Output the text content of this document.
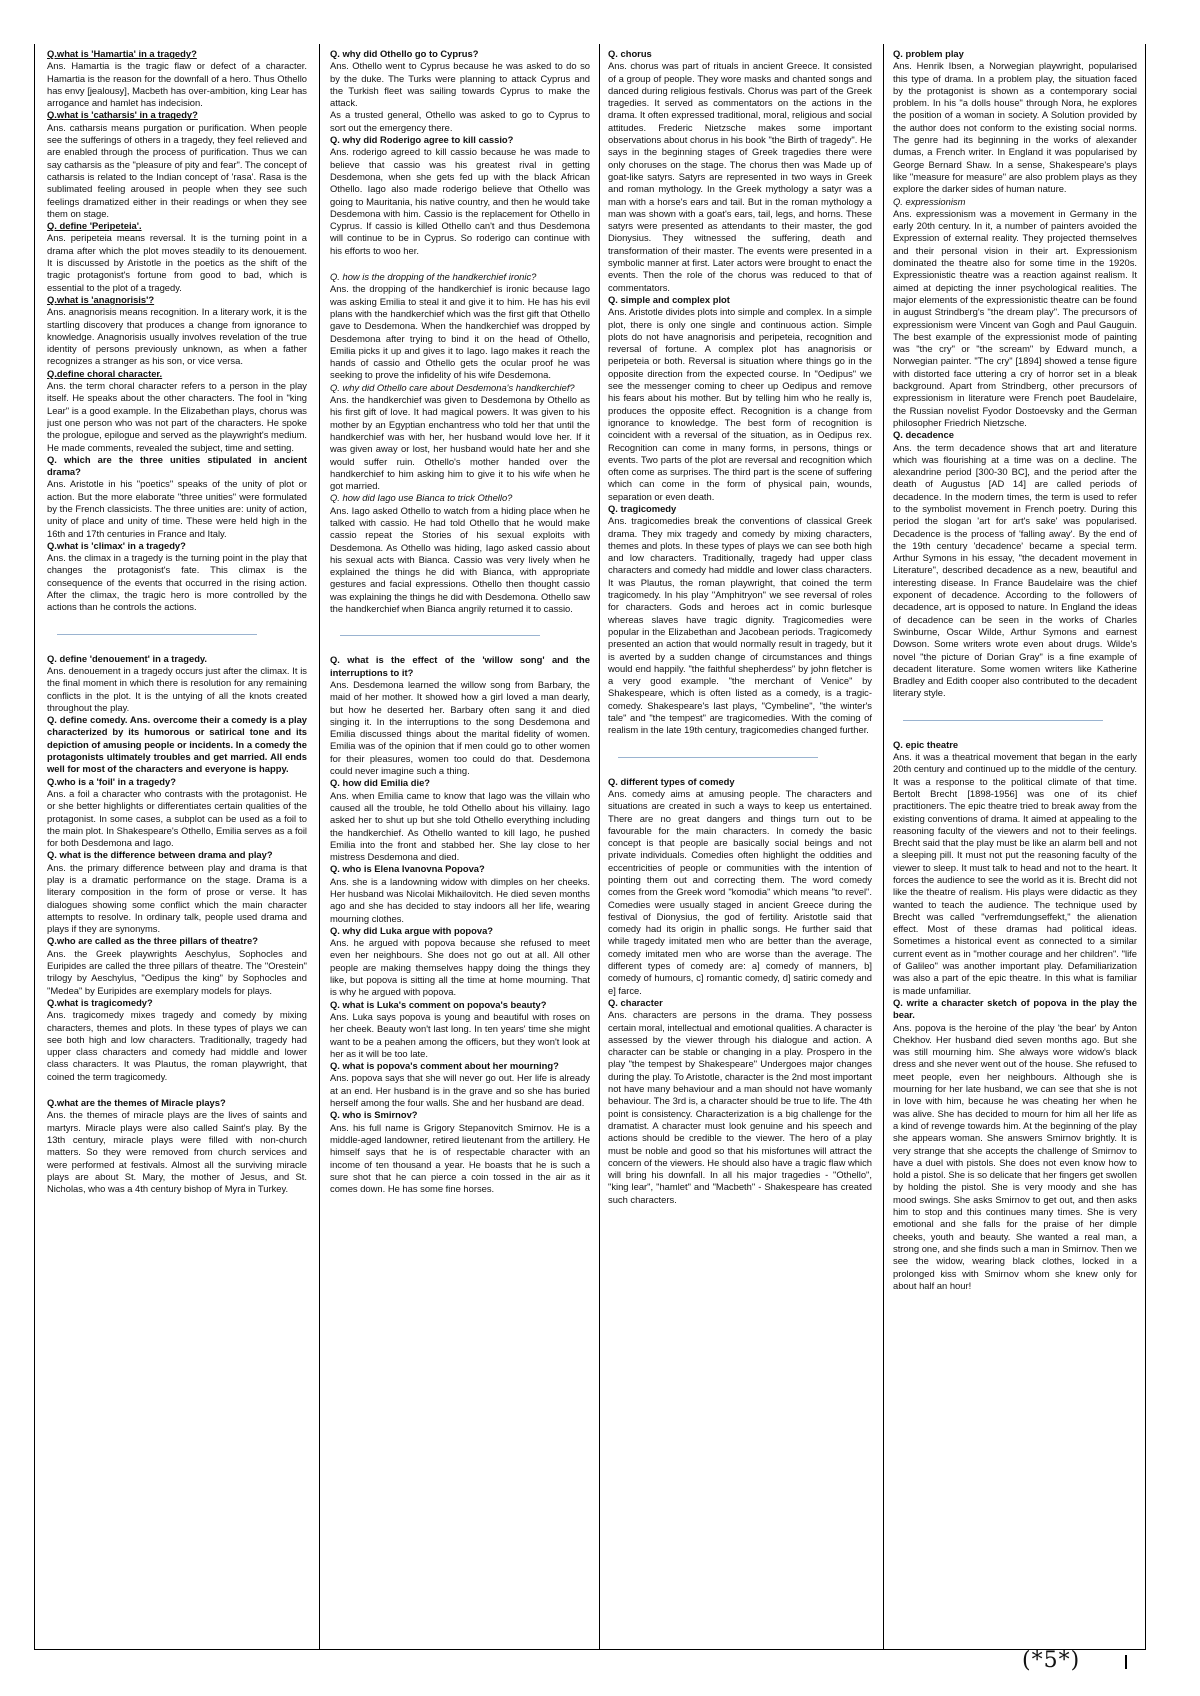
Q.what is 'Hamartia' in a tragedy?

Ans. Hamartia is the tragic flaw or defect of a character. Hamartia is the reason for the downfall of a hero. Thus Othello has envy [jealousy], Macbeth has over-ambition, king Lear has arrogance and hamlet has indecision.

Q.what is 'catharsis' in a tragedy?

Ans. catharsis means purgation or purification. When people see the sufferings of others in a tragedy, they feel relieved and are enabled through the process of purification. Thus we can say catharsis as the "pleasure of pity and fear". The concept of catharsis is related to the Indian concept of 'rasa'. Rasa is the sublimated feeling aroused in people when they see such feelings dramatized either in their readings or when they see them on stage.

Q. define 'Peripeteia'.

Ans. peripeteia means reversal. It is the turning point in a drama after which the plot moves steadily to its denouement. It is discussed by Aristotle in the poetics as the shift of the tragic protagonist's fortune from good to bad, which is essential to the plot of a tragedy.

Q.what is 'anagnorisis'?

Ans. anagnorisis means recognition. In a literary work, it is the startling discovery that produces a change from ignorance to knowledge. Anagnorisis usually involves revelation of the true identity of persons previously unknown, as when a father recognizes a stranger as his son, or vice versa.

Q.define choral character.

Ans. the term choral character refers to a person in the play itself. He speaks about the other characters. The fool in "king Lear" is a good example. In the Elizabethan plays, chorus was just one person who was not part of the characters. He spoke the prologue, epilogue and served as the playwright's medium. He made comments, revealed the subject, time and setting.

Q. which are the three unities stipulated in ancient drama?

Ans. Aristotle in his "poetics" speaks of the unity of plot or action. But the more elaborate "three unities" were formulated by the French classicists. The three unities are: unity of action, unity of place and unity of time. These were held high in the 16th and 17th centuries in France and Italy.

Q.what is 'climax' in a tragedy?

Ans. the climax in a tragedy is the turning point in the play that changes the protagonist's fate. This climax is the consequence of the events that occurred in the rising action. After the climax, the tragic hero is more controlled by the actions than he controls the actions.

Q. define 'denouement' in a tragedy.

Ans. denouement in a tragedy occurs just after the climax. It is the final moment in which there is resolution for any remaining conflicts in the plot. It is the untying of all the knots created throughout the play.

Q. define comedy. Ans. overcome their a comedy is a play characterized by its humorous or satirical tone and its depiction of amusing people or incidents. In a comedy the protagonists ultimately troubles and get married. All ends well for most of the characters and everyone is happy.

Q.who is a 'foil' in a tragedy?

Ans. a foil a character who contrasts with the protagonist. He or she better highlights or differentiates certain qualities of the protagonist. In some cases, a subplot can be used as a foil to the main plot. In Shakespeare's Othello, Emilia serves as a foil for both Desdemona and Iago.

Q. what is the difference between drama and play?

Ans. the primary difference between play and drama is that play is a dramatic performance on the stage. Drama is a literary composition in the form of prose or verse. It has dialogues showing some conflict which the main character attempts to resolve. In ordinary talk, people used drama and plays if they are synonyms.

Q.who are called as the three pillars of theatre?

Ans. the Greek playwrights Aeschylus, Sophocles and Euripides are called the three pillars of theatre. The "Orestein" trilogy by Aeschylus, "Oedipus the king" by Sophocles and "Medea" by Euripides are exemplary models for plays.

Q.what is tragicomedy?

Ans. tragicomedy mixes tragedy and comedy by mixing characters, themes and plots. In these types of plays we can see both high and low characters. Traditionally, tragedy had upper class characters and comedy had middle and lower class characters. It was Plautus, the roman playwright, that coined the term tragicomedy.

Q.what are the themes of Miracle plays?

Ans. the themes of miracle plays are the lives of saints and martyrs. Miracle plays were also called Saint's play. By the 13th century, miracle plays were filled with non-church matters. So they were removed from church services and were performed at festivals. Almost all the surviving miracle plays are about St. Mary, the mother of Jesus, and St. Nicholas, who was a 4th century bishop of Myra in Turkey.

Q. why did Othello go to Cyprus?

Ans. Othello went to Cyprus because he was asked to do so by the duke. The Turks were planning to attack Cyprus and the Turkish fleet was sailing towards Cyprus to make the attack.

As a trusted general, Othello was asked to go to Cyprus to sort out the emergency there.

Q. why did Roderigo agree to kill cassio?

Ans. roderigo agreed to kill cassio because he was made to believe that cassio was his greatest rival in getting Desdemona, when she gets fed up with the black African Othello. Iago also made roderigo believe that Othello was going to Mauritania, his native country, and then he would take Desdemona with him. Cassio is the replacement for Othello in Cyprus. If cassio is killed Othello can't and thus Desdemona will continue to be in Cyprus. So roderigo can continue with his efforts to woo her.

Q. how is the dropping of the handkerchief ironic?

Ans. the dropping of the handkerchief is ironic because Iago was asking Emilia to steal it and give it to him. He has his evil plans with the handkerchief which was the first gift that Othello gave to Desdemona. When the handkerchief was dropped by Desdemona after trying to bind it on the head of Othello, Emilia picks it up and gives it to Iago. Iago makes it reach the hands of cassio and Othello gets the ocular proof he was seeking to prove the infidelity of his wife Desdemona.

Q. why did Othello care about Desdemona's handkerchief?

Ans. the handkerchief was given to Desdemona by Othello as his first gift of love. It had magical powers. It was given to his mother by an Egyptian enchantress who told her that until the handkerchief was with her, her husband would love her. If it was given away or lost, her husband would hate her and she would suffer ruin. Othello's mother handed over the handkerchief to him asking him to give it to his wife when he got married.

Q. how did Iago use Bianca to trick Othello?

Ans. Iago asked Othello to watch from a hiding place when he talked with cassio. He had told Othello that he would make cassio repeat the Stories of his sexual exploits with Desdemona. As Othello was hiding, Iago asked cassio about his sexual acts with Bianca. Cassio was very lively when he explained the things he did with Bianca, with appropriate gestures and facial expressions. Othello then thought cassio was explaining the things he did with Desdemona. Othello saw the handkerchief when Bianca angrily returned it to cassio.

Q. what is the effect of the 'willow song' and the interruptions to it?

Ans. Desdemona learned the willow song from Barbary, the maid of her mother. It showed how a girl loved a man dearly, but how he deserted her. Barbary often sang it and died singing it. In the interruptions to the song Desdemona and Emilia discussed things about the marital fidelity of women. Emilia was of the opinion that if men could go to other women for their pleasures, women too could do that. Desdemona could never imagine such a thing.

Q. how did Emilia die?

Ans. when Emilia came to know that Iago was the villain who caused all the trouble, he told Othello about his villainy. Iago asked her to shut up but she told Othello everything including the handkerchief. As Othello wanted to kill Iago, he pushed Emilia into the front and stabbed her. She lay close to her mistress Desdemona and died.

Q. who is Elena Ivanovna Popova?

Ans. she is a landowning widow with dimples on her cheeks. Her husband was Nicolai Mikhailovitch. He died seven months ago and she has decided to stay indoors all her life, wearing mourning clothes.

Q. why did Luka argue with popova?

Ans. he argued with popova because she refused to meet even her neighbours. She does not go out at all. All other people are making themselves happy doing the things they like, but popova is sitting all the time at home mourning. That is why he argued with popova.

Q. what is Luka's comment on popova's beauty?

Ans. Luka says popova is young and beautiful with roses on her cheek. Beauty won't last long. In ten years' time she might want to be a peahen among the officers, but they won't look at her as it will be too late.

Q. what is popova's comment about her mourning?

Ans. popova says that she will never go out. Her life is already at an end. Her husband is in the grave and so she has buried herself among the four walls. She and her husband are dead.

Q. who is Smirnov?

Ans. his full name is Grigory Stepanovitch Smirnov. He is a middle-aged landowner, retired lieutenant from the artillery. He himself says that he is of respectable character with an income of ten thousand a year. He boasts that he is such a sure shot that he can pierce a coin tossed in the air as it comes down. He has some fine horses.

Q. chorus

Ans. chorus was part of rituals in ancient Greece. It consisted of a group of people. They wore masks and chanted songs and danced during religious festivals. Chorus was part of the Greek tragedies. It served as commentators on the actions in the drama. It often expressed traditional, moral, religious and social attitudes. Frederic Nietzsche makes some important observations about chorus in his book "the Birth of tragedy". He says in the beginning stages of Greek tragedies there were only choruses on the stage. The chorus then was Made up of goat-like satyrs. Satyrs are represented in two ways in Greek and roman mythology. In the Greek mythology a satyr was a man with a horse's ears and tail. But in the roman mythology a man was shown with a goat's ears, tail, legs, and horns. These satyrs were presented as attendants to their master, the god Dionysius. They witnessed the suffering, death and transformation of their master. The events were presented in a symbolic manner at first. Later actors were brought to enact the events. Then the role of the chorus was reduced to that of commentators.

Q. simple and complex plot

Ans. Aristotle divides plots into simple and complex. In a simple plot, there is only one single and continuous action. Simple plots do not have anagnorisis and peripeteia, recognition and reversal of fortune. A complex plot has anagnorisis or peripeteia or both. Reversal is situation where things go in the opposite direction from the expected course. In "Oedipus" we see the messenger coming to cheer up Oedipus and remove his fears about his mother. But by telling him who he really is, produces the opposite effect. Recognition is a change from ignorance to knowledge. The best form of recognition is coincident with a reversal of the situation, as in Oedipus rex. Recognition can come in many forms, in persons, things or events. Two parts of the plot are reversal and recognition which often come as surprises. The third part is the scene of suffering which can come in the form of physical pain, wounds, separation or even death.

Q. tragicomedy

Ans. tragicomedies break the conventions of classical Greek drama. They mix tragedy and comedy by mixing characters, themes and plots. In these types of plays we can see both high and low characters. Traditionally, tragedy had upper class characters and comedy had middle and lower class characters. It was Plautus, the roman playwright, that coined the term tragicomedy. In his play "Amphitryon" we see reversal of roles for characters. Gods and heroes act in comic burlesque whereas slaves have tragic dignity. Tragicomedies were popular in the Elizabethan and Jacobean periods. Tragicomedy presented an action that would normally result in tragedy, but it is averted by a sudden change of circumstances and things would end happily. "the faithful shepherdess" by john fletcher is a very good example. "the merchant of Venice" by Shakespeare, which is often listed as a comedy, is a tragic-comedy. Shakespeare's last plays, "Cymbeline", "the winter's tale" and "the tempest" are tragicomedies. With the coming of realism in the late 19th century, tragicomedies changed further.

Q. different types of comedy

Ans. comedy aims at amusing people. The characters and situations are created in such a ways to keep us entertained. There are no great dangers and things turn out to be favourable for the main characters. In comedy the basic concept is that people are basically social beings and not private individuals. Comedies often highlight the oddities and eccentricities of people or communities with the intention of pointing them out and correcting them. The word comedy comes from the Greek word "komodia" which means "to revel". Comedies were usually staged in ancient Greece during the festival of Dionysius, the god of fertility. Aristotle said that comedy had its origin in phallic songs. He further said that while tragedy imitated men who are better than the average, comedy imitated men who are worse than the average. The different types of comedy are: a] comedy of manners, b] comedy of humours, c] romantic comedy, d] satiric comedy and e] farce.

Q. character

Ans. characters are persons in the drama. They possess certain moral, intellectual and emotional qualities. A character is assessed by the viewer through his dialogue and action. A character can be stable or changing in a play. Prospero in the play "the tempest by Shakespeare" Undergoes major changes during the play. To Aristotle, character is the 2nd most important not have many behaviour and a man should not have womanly behaviour. The 3rd is, a character should be true to life. The 4th point is consistency. Characterization is a big challenge for the dramatist. A character must look genuine and his speech and actions should be credible to the viewer. The hero of a play must be noble and good so that his misfortunes will attract the concern of the viewers. He should also have a tragic flaw which will bring his downfall. In all his major tragedies - "Othello", "king lear", "hamlet" and "Macbeth" - Shakespeare has created such characters.

Q. problem play

Ans. Henrik Ibsen, a Norwegian playwright, popularised this type of drama. In a problem play, the situation faced by the protagonist is shown as a contemporary social problem. In his "a dolls house" through Nora, he explores the position of a woman in society. A Solution provided by the author does not conform to the existing social norms. The genre had its beginning in the works of alexander dumas, a French writer. In England it was popularised by George Bernard Shaw. In a sense, Shakespeare's plays like "measure for measure" are also problem plays as they explore the darker sides of human nature.

Q. expressionism

Ans. expressionism was a movement in Germany in the early 20th century. In it, a number of painters avoided the Expression of external reality. They projected themselves and their personal vision in their art. Expressionism dominated the theatre also for some time in the 1920s. Expressionistic theatre was a reaction against realism. It aimed at depicting the inner psychological realities. The major elements of the expressionistic theatre can be found in august Strindberg's "the dream play". The precursors of expressionism were Vincent van Gogh and Paul Gauguin. The best example of the expressionist mode of painting was "the cry" or "the scream" by Edward munch, a Norwegian painter. "The cry" [1894] showed a tense figure with distorted face uttering a cry of horror set in a bleak background. Apart from Strindberg, other precursors of expressionism in literature were French poet Baudelaire, the Russian novelist Fyodor Dostoevsky and the German philosopher Friedrich Nietzsche.

Q. decadence

Ans. the term decadence shows that art and literature which was flourishing at a time was on a decline. The alexandrine period [300-30 BC], and the period after the death of Augustus [AD 14] are called periods of decadence. In the modern times, the term is used to refer to the symbolist movement in French poetry. During this period the slogan 'art for art's sake' was popularised. Decadence is the process of 'falling away'. By the end of the 19th century 'decadence' became a special term. Arthur Symons in his essay, "the decadent movement in Literature", described decadence as a new, beautiful and interesting disease. In France Baudelaire was the chief exponent of decadence. According to the followers of decadence, art is opposed to nature. In England the ideas of decadence can be seen in the works of Charles Swinburne, Oscar Wilde, Arthur Symons and earnest Dowson. Some writers wrote even about drugs. Wilde's novel "the picture of Dorian Gray" is a fine example of decadent literature. Some women writers like Katherine Bradley and Edith cooper also contributed to the decadent literary style.

Q. epic theatre

Ans. it was a theatrical movement that began in the early 20th century and continued up to the middle of the century. It was a response to the political climate of that time. Bertolt Brecht [1898-1956] was one of its chief practitioners. The epic theatre tried to break away from the existing conventions of drama. It aimed at appealing to the reasoning faculty of the viewers and not to their feelings. Brecht said that the play must be like an alarm bell and not a sleeping pill. It must not put the reasoning faculty of the viewer to sleep. It must talk to head and not to the heart. It forces the audience to see the world as it is. Brecht did not like the theatre of realism. His plays were didactic as they wanted to teach the audience. The technique used by Brecht was called "verfremdungseffekt," the alienation effect. Most of these dramas had political ideas. Sometimes a historical event as connected to a similar current event as in "mother courage and her children". "life of Galileo" was another important play. Defamiliarization was also a part of the epic theatre. In this what is familiar is made unfamiliar.

Q. write a character sketch of popova in the play the bear.

Ans. popova is the heroine of the play 'the bear' by Anton Chekhov. Her husband died seven months ago. But she was still mourning him. She always wore widow's black dress and she never went out of the house. She refused to meet people, even her neighbours. Although she is mourning for her late husband, we can see that she is not in love with him, because he was cheating her when he was alive. She has decided to mourn for him all her life as a kind of revenge towards him. At the beginning of the play she appears woman. She answers Smirnov brightly. It is very strange that she accepts the challenge of Smirnov to have a duel with pistols. She does not even know how to hold a pistol. She is so delicate that her fingers get swollen by holding the pistol. She is very moody and she has mood swings. She asks Smirnov to get out, and then asks him to stop and this continues many times. She is very emotional and she falls for the praise of her dimple cheeks, youth and beauty. She wanted a real man, a strong one, and she finds such a man in Smirnov. Then we see the widow, wearing black clothes, locked in a prolonged kiss with Smirnov whom she knew only for about half an hour!

(*5*)
